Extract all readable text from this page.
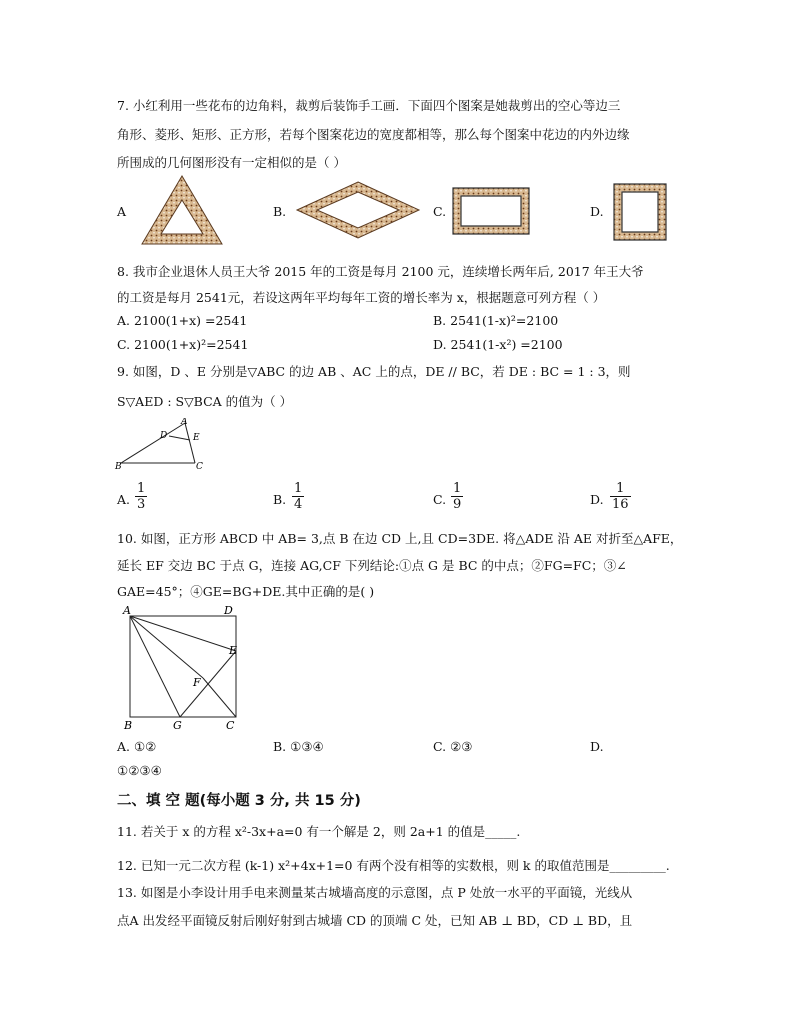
7. 小红利用一些花布的边角料，裁剪后装饰手工画．下面四个图案是她裁剪出的空心等边三
角形、菱形、矩形、正方形，若每个图案花边的宽度都相等，那么每个图案中花边的内外边缘
所围成的几何图形没有一定相似的是（ ）
A	B.	C.	D.
8. 我市企业退休人员王大爷 2015 年的工资是每月 2100 元，连续增长两年后, 2017 年王大爷
的工资是每月 2541元，若设这两年平均每年工资的增长率为 x，根据题意可列方程（ ）
A. 2100(1+x) =2541	B. 2541(1-x)²=2100
C. 2100(1+x)²=2541	D. 2541(1-x²) =2100
9. 如图，D 、E 分别是▽ABC 的边 AB 、AC 上的点，DE // BC，若 DE : BC = 1 : 3，则
S▽AED : S▽BCA 的值为（ ）
A
D	E
B	C
A.
1
3	B.
1
4	C.
1
9	D.
1
16
10. 如图，正方形 ABCD 中 AB= 3,点 B 在边 CD 上,且 CD=3DE. 将△ADE 沿 AE 对折至△AFE，
延长 EF 交边 BC 于点 G，连接 AG,CF 下列结论:①点 G 是 BC 的中点；②FG=FC；③∠
GAE=45°；④GE=BG+DE.其中正确的是( )
A	D
E
F
B	G	C
A. ①②	B. ①③④	C. ②③	D.
①②③④
二、填 空 题(每小题 3 分, 共 15 分)
11. 若关于 x 的方程 x²-3x+a=0 有一个解是 2，则 2a+1 的值是_____.
12. 已知一元二次方程 (k-1) x²+4x+1=0 有两个没有相等的实数根，则 k 的取值范围是_________.
13. 如图是小李设计用手电来测量某古城墙高度的示意图，点 P 处放一水平的平面镜，光线从
点A 出发经平面镜反射后刚好射到古城墙 CD 的顶端 C 处，已知 AB ⊥ BD，CD ⊥ BD，且
